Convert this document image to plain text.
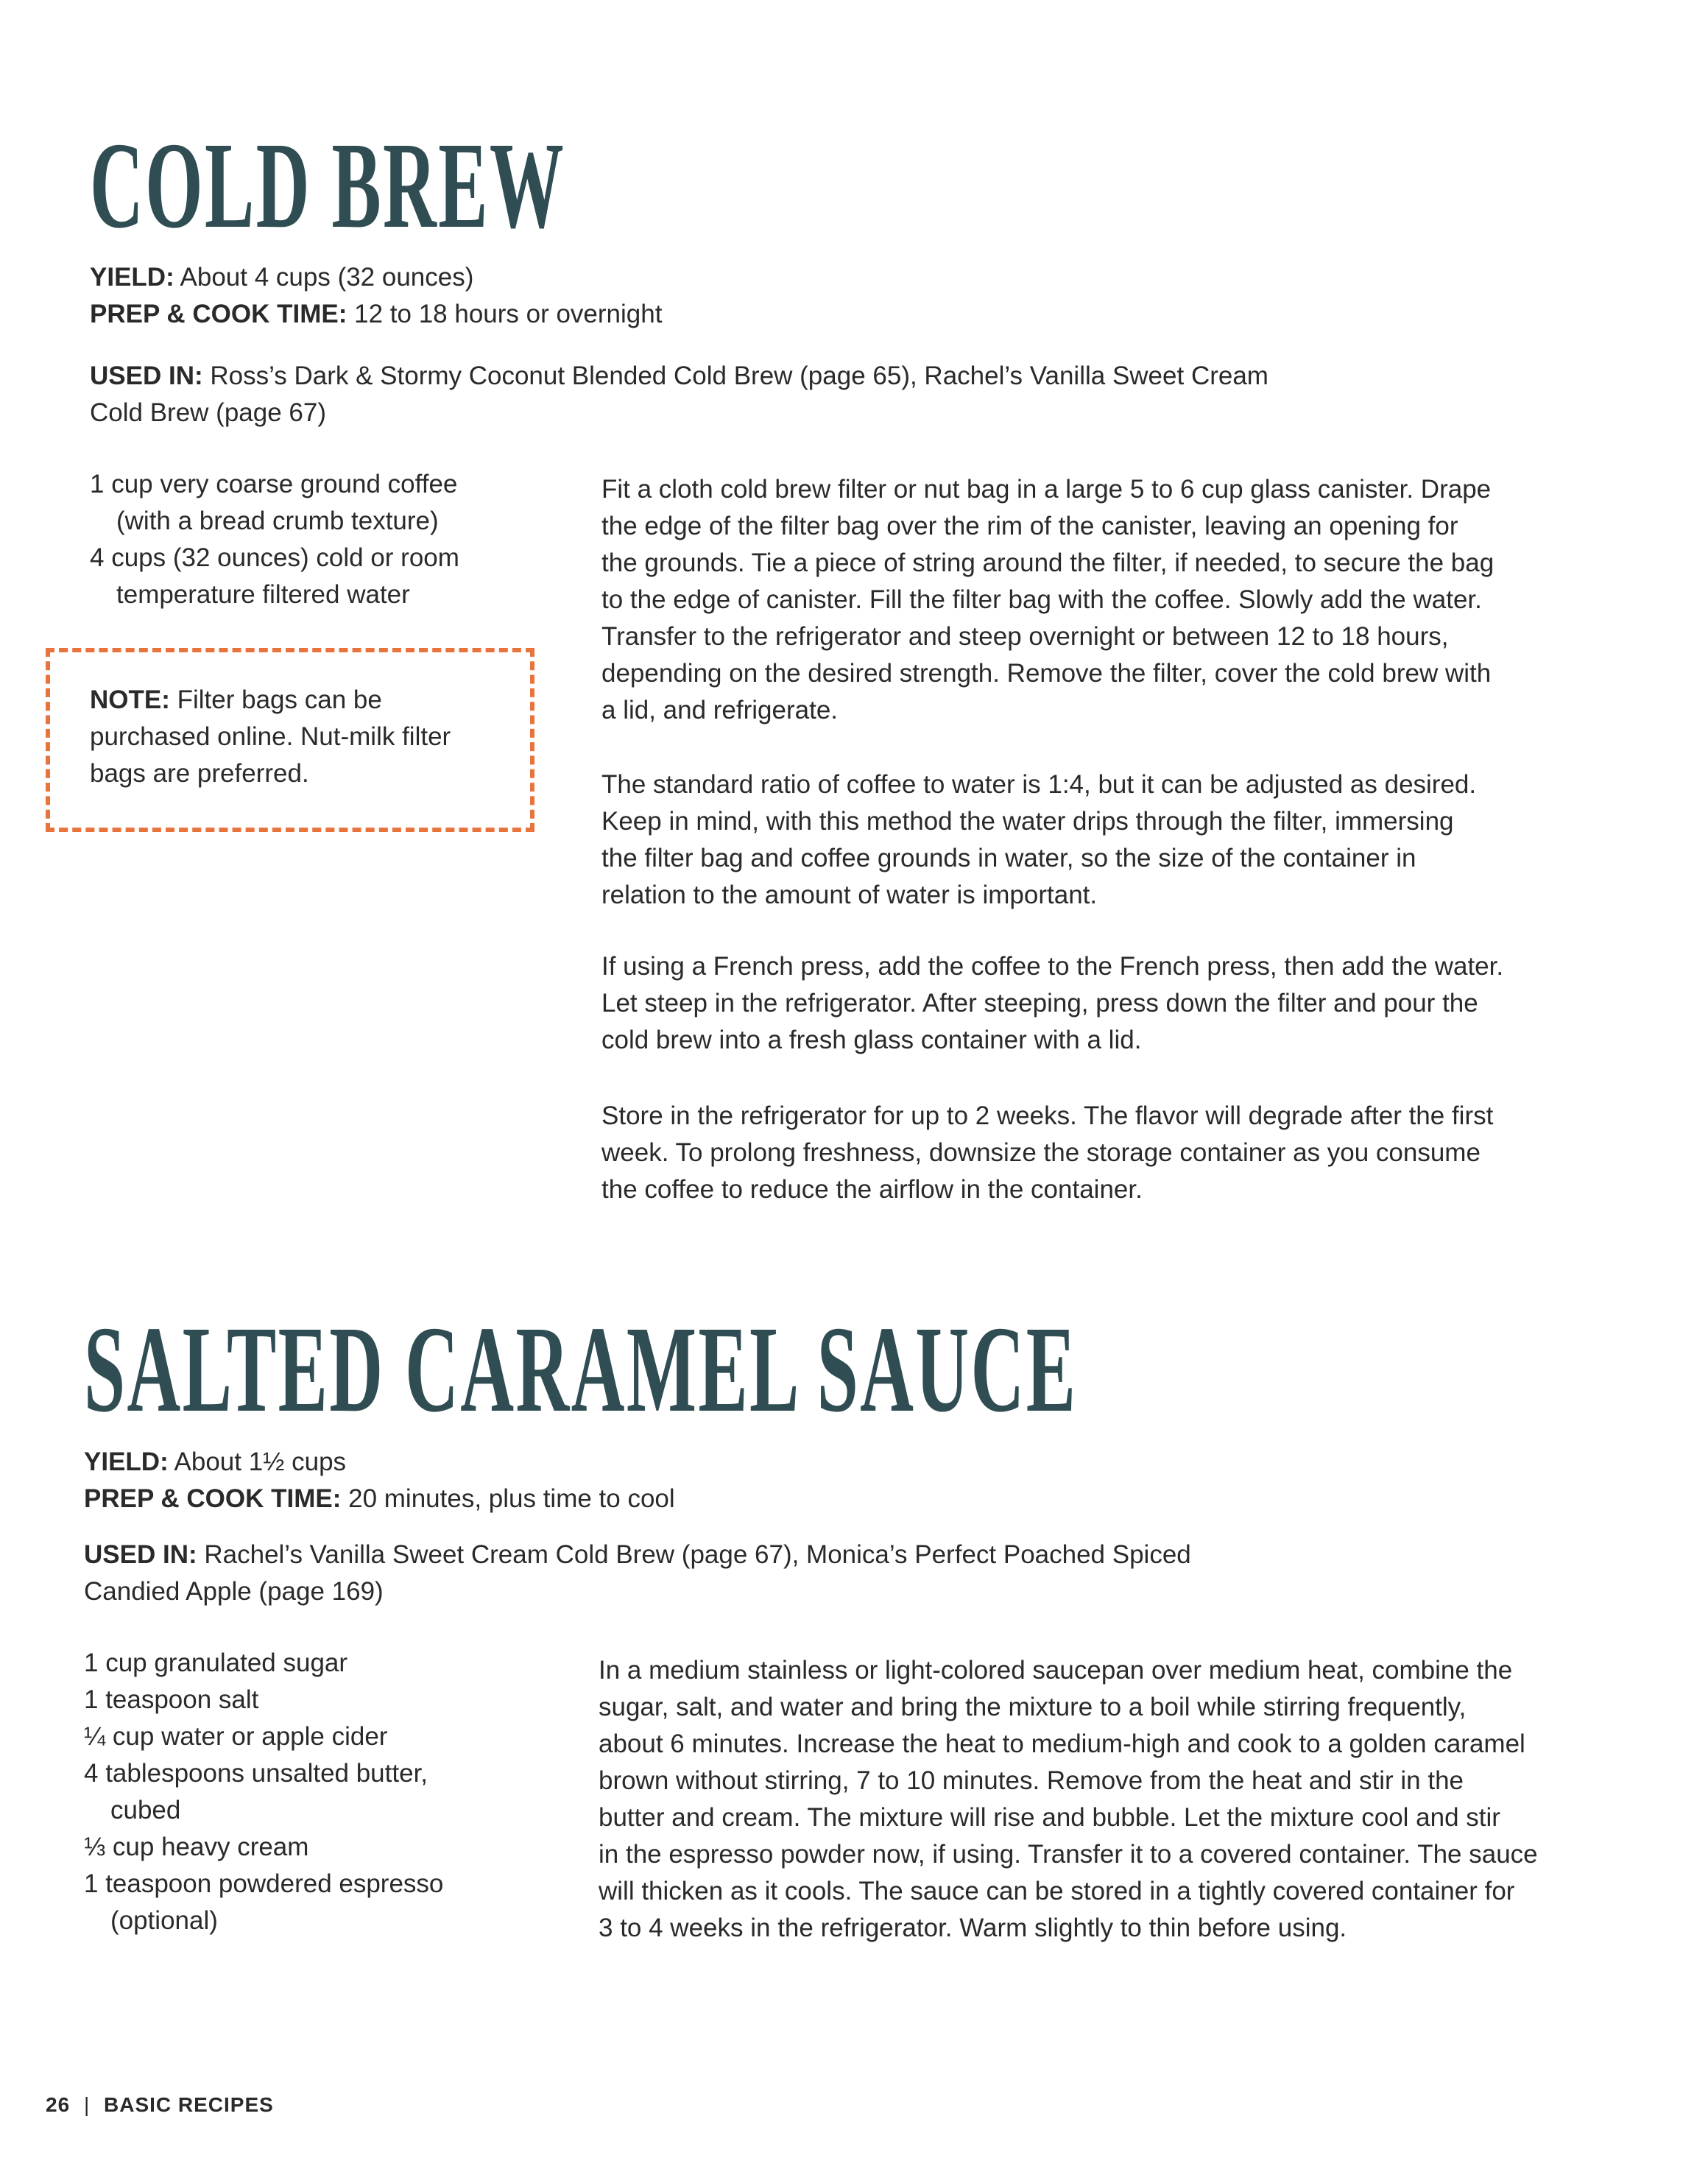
COLD BREW
YIELD: About 4 cups (32 ounces)
PREP & COOK TIME: 12 to 18 hours or overnight
USED IN: Ross’s Dark & Stormy Coconut Blended Cold Brew (page 65), Rachel’s Vanilla Sweet Cream
Cold Brew (page 67)
1 cup very coarse ground coffee
(with a bread crumb texture)
4 cups (32 ounces) cold or room
temperature filtered water
Fit a cloth cold brew filter or nut bag in a large 5 to 6 cup glass canister. Drape
the edge of the filter bag over the rim of the canister, leaving an opening for
the grounds. Tie a piece of string around the filter, if needed, to secure the bag
to the edge of canister. Fill the filter bag with the coffee. Slowly add the water.
Transfer to the refrigerator and steep overnight or between 12 to 18 hours,
depending on the desired strength. Remove the filter, cover the cold brew with
a lid, and refrigerate.
The standard ratio of coffee to water is 1:4, but it can be adjusted as desired.
Keep in mind, with this method the water drips through the filter, immersing
the filter bag and coffee grounds in water, so the size of the container in
relation to the amount of water is important.
If using a French press, add the coffee to the French press, then add the water.
Let steep in the refrigerator. After steeping, press down the filter and pour the
cold brew into a fresh glass container with a lid.
Store in the refrigerator for up to 2 weeks. The flavor will degrade after the first
week. To prolong freshness, downsize the storage container as you consume
the coffee to reduce the airflow in the container.
NOTE: Filter bags can be
purchased online. Nut-milk filter
bags are preferred.
SALTED CARAMEL SAUCE
YIELD: About 1½ cups
PREP & COOK TIME: 20 minutes, plus time to cool
USED IN: Rachel’s Vanilla Sweet Cream Cold Brew (page 67), Monica’s Perfect Poached Spiced
Candied Apple (page 169)
1 cup granulated sugar
1 teaspoon salt
¼ cup water or apple cider
4 tablespoons unsalted butter,
cubed
⅓ cup heavy cream
1 teaspoon powdered espresso
(optional)
In a medium stainless or light-colored saucepan over medium heat, combine the
sugar, salt, and water and bring the mixture to a boil while stirring frequently,
about 6 minutes. Increase the heat to medium-high and cook to a golden caramel
brown without stirring, 7 to 10 minutes. Remove from the heat and stir in the
butter and cream. The mixture will rise and bubble. Let the mixture cool and stir
in the espresso powder now, if using. Transfer it to a covered container. The sauce
will thicken as it cools. The sauce can be stored in a tightly covered container for
3 to 4 weeks in the refrigerator. Warm slightly to thin before using.
26 | BASIC RECIPES
